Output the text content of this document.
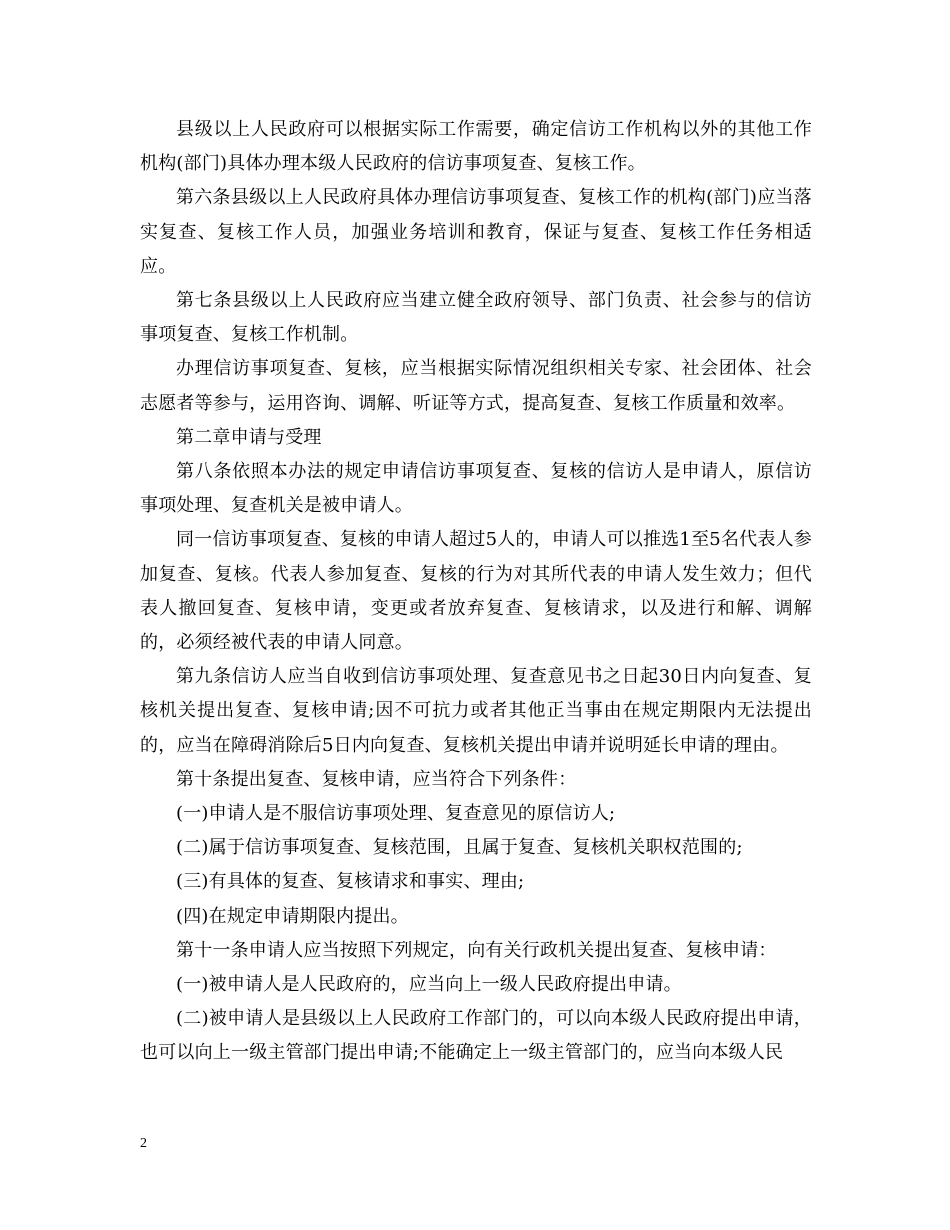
县级以上人民政府可以根据实际工作需要，确定信访工作机构以外的其他工作机构(部门)具体办理本级人民政府的信访事项复查、复核工作。

第六条县级以上人民政府具体办理信访事项复查、复核工作的机构(部门)应当落实复查、复核工作人员，加强业务培训和教育，保证与复查、复核工作任务相适应。

第七条县级以上人民政府应当建立健全政府领导、部门负责、社会参与的信访事项复查、复核工作机制。

办理信访事项复查、复核，应当根据实际情况组织相关专家、社会团体、社会志愿者等参与，运用咨询、调解、听证等方式，提高复查、复核工作质量和效率。

第二章申请与受理

第八条依照本办法的规定申请信访事项复查、复核的信访人是申请人，原信访事项处理、复查机关是被申请人。

同一信访事项复查、复核的申请人超过5人的，申请人可以推选1至5名代表人参加复查、复核。代表人参加复查、复核的行为对其所代表的申请人发生效力；但代表人撤回复查、复核申请，变更或者放弃复查、复核请求，以及进行和解、调解的，必须经被代表的申请人同意。

第九条信访人应当自收到信访事项处理、复查意见书之日起30日内向复查、复核机关提出复查、复核申请;因不可抗力或者其他正当事由在规定期限内无法提出的，应当在障碍消除后5日内向复查、复核机关提出申请并说明延长申请的理由。

第十条提出复查、复核申请，应当符合下列条件：

(一)申请人是不服信访事项处理、复查意见的原信访人;

(二)属于信访事项复查、复核范围，且属于复查、复核机关职权范围的;

(三)有具体的复查、复核请求和事实、理由;

(四)在规定申请期限内提出。

第十一条申请人应当按照下列规定，向有关行政机关提出复查、复核申请：

(一)被申请人是人民政府的，应当向上一级人民政府提出申请。

(二)被申请人是县级以上人民政府工作部门的，可以向本级人民政府提出申请，也可以向上一级主管部门提出申请;不能确定上一级主管部门的，应当向本级人民

2
